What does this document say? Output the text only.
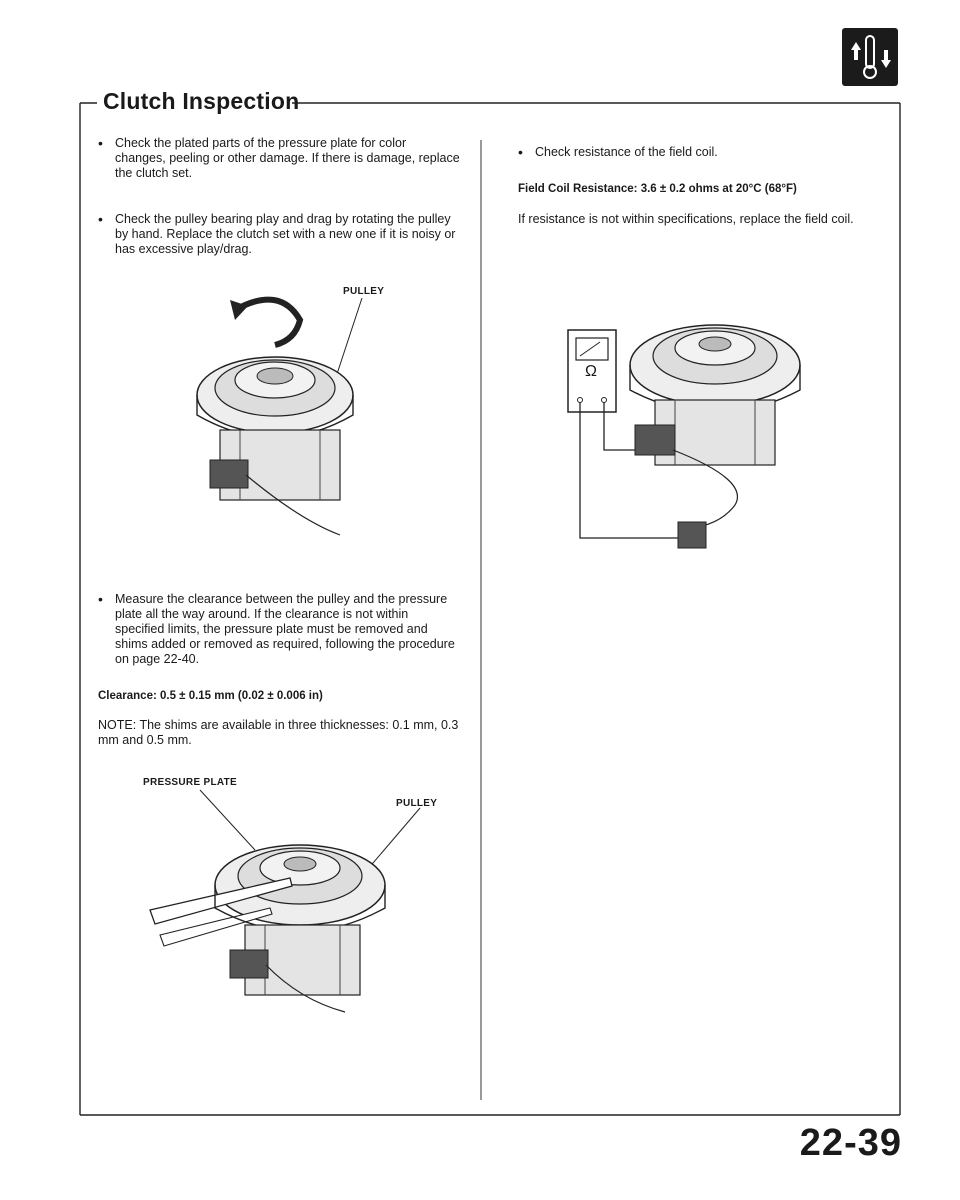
Clutch Inspection
• Check the plated parts of the pressure plate for color changes, peeling or other damage. If there is damage, replace the clutch set.
• Check the pulley bearing play and drag by rotating the pulley by hand. Replace the clutch set with a new one if it is noisy or has excessive play/drag.
PULLEY
• Measure the clearance between the pulley and the pressure plate all the way around. If the clearance is not within specified limits, the pressure plate must be removed and shims added or removed as required, following the procedure on page 22-40.
Clearance: 0.5 ± 0.15 mm (0.02 ± 0.006 in)
NOTE: The shims are available in three thicknesses: 0.1 mm, 0.3 mm and 0.5 mm.
PRESSURE PLATE
PULLEY
• Check resistance of the field coil.
Field Coil Resistance: 3.6 ± 0.2 ohms at 20°C (68°F)
If resistance is not within specifications, replace the field coil.
Ω
22-39
